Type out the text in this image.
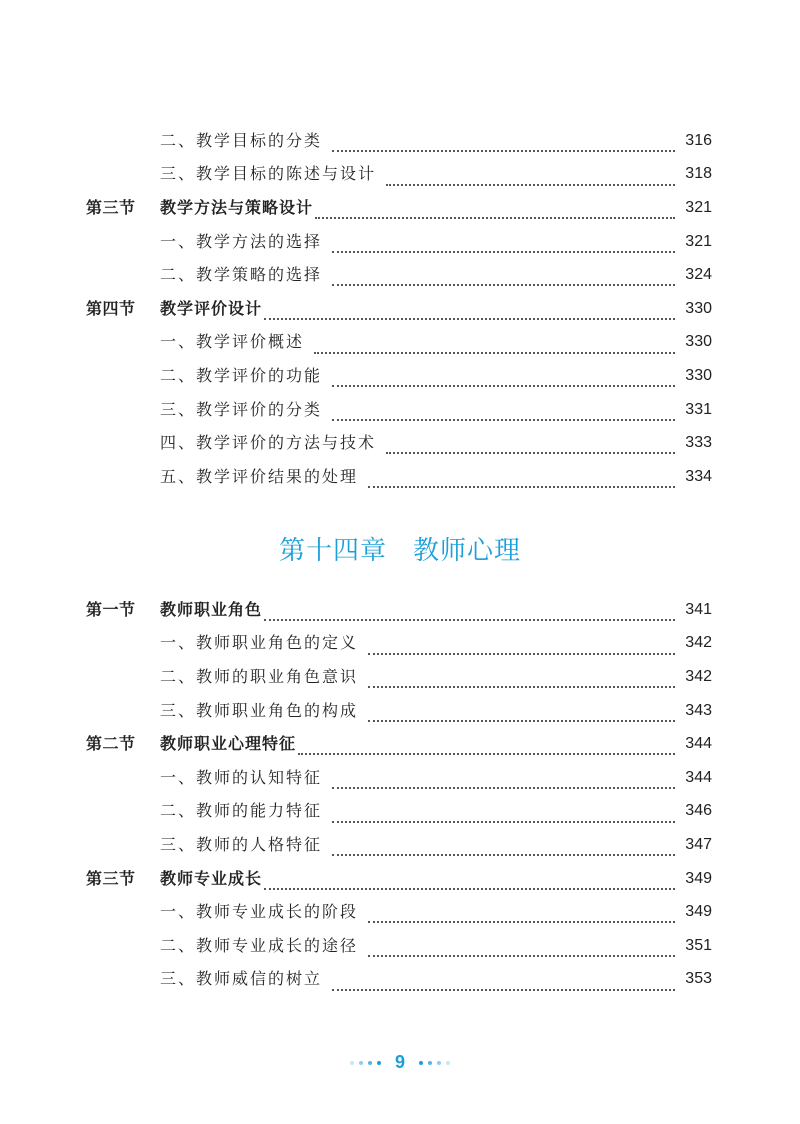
二、教学目标的分类	316
三、教学目标的陈述与设计	318
第三节 教学方法与策略设计	321
一、教学方法的选择	321
二、教学策略的选择	324
第四节 教学评价设计	330
一、教学评价概述	330
二、教学评价的功能	330
三、教学评价的分类	331
四、教学评价的方法与技术	333
五、教学评价结果的处理	334
第十四章 教师心理
第一节 教师职业角色	341
一、教师职业角色的定义	342
二、教师的职业角色意识	342
三、教师职业角色的构成	343
第二节 教师职业心理特征	344
一、教师的认知特征	344
二、教师的能力特征	346
三、教师的人格特征	347
第三节 教师专业成长	349
一、教师专业成长的阶段	349
二、教师专业成长的途径	351
三、教师威信的树立	353
9
